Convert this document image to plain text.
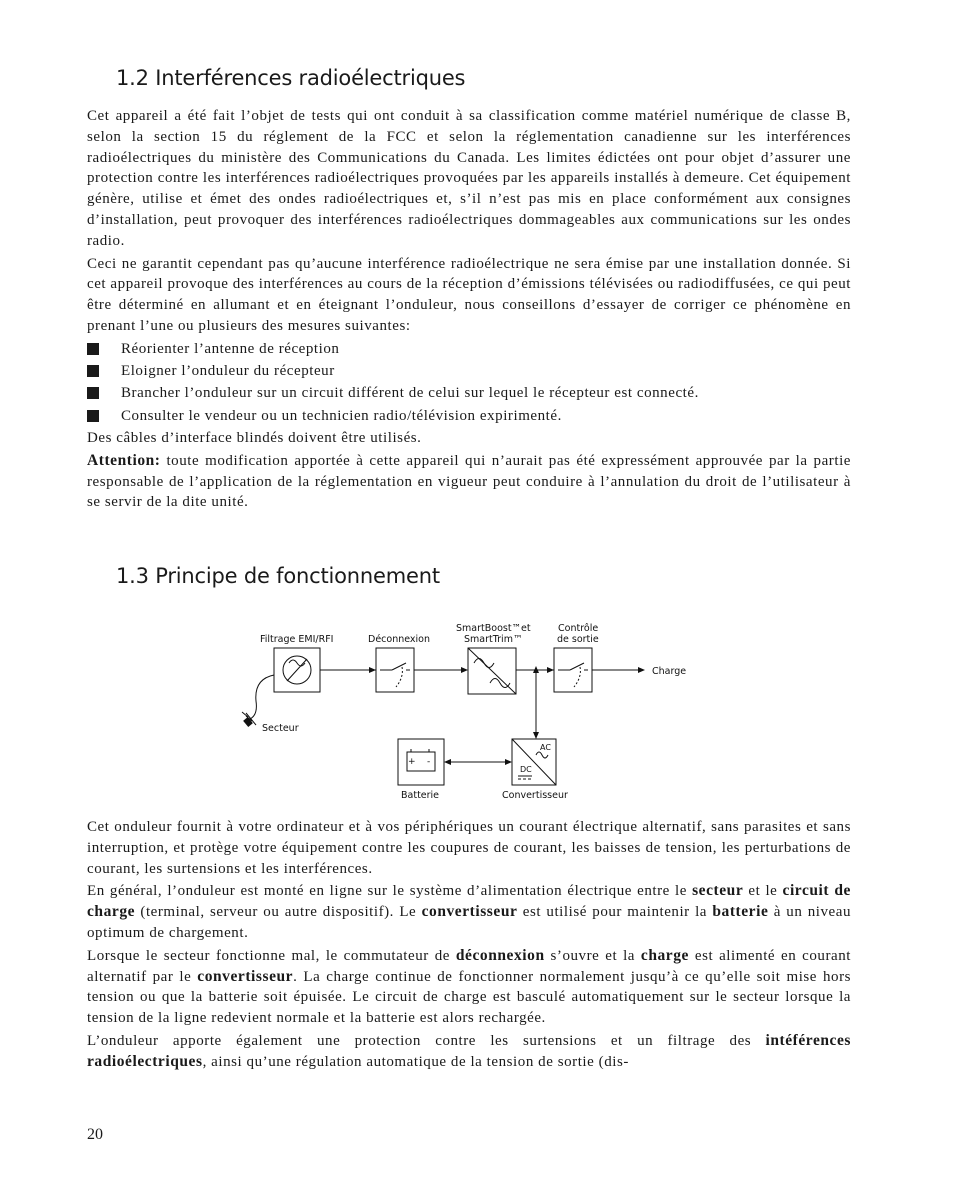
1.2 Interférences radioélectriques

Cet appareil a été fait l’objet de tests qui ont conduit à sa classification comme matériel numérique de classe B, selon la section 15 du réglement de la FCC et selon la réglementation canadienne sur les interférences radioélectriques du ministère des Communications du Canada. Les limites édictées ont pour objet d’assurer une protection contre les interférences radioélectriques provoquées par les appareils installés à demeure. Cet équipement génère, utilise et émet des ondes radioélectriques et, s’il n’est pas mis en place conformément aux consignes d’installation, peut provoquer des interférences radioélectriques dommageables aux communications sur les ondes radio.

Ceci ne garantit cependant pas qu’aucune interférence radioélectrique ne sera émise par une installation donnée. Si cet appareil provoque des interférences au cours de la réception d’émissions télévisées ou radiodiffusées, ce qui peut être déterminé en allumant et en éteignant l’onduleur, nous conseillons d’essayer de corriger ce phénomène en prenant l’une ou plusieurs des mesures suivantes:

Réorienter l’antenne de réception
Eloigner l’onduleur du récepteur
Brancher l’onduleur sur un circuit différent de celui sur lequel le récepteur est connecté.
Consulter le vendeur ou un technicien radio/télévision expirimenté.

Des câbles d’interface blindés doivent être utilisés.

Attention: toute modification apportée à cette appareil qui n’aurait pas été expressément approuvée par la partie responsable de l’application de la réglementation en vigueur peut conduire à l’annulation du droit de l’utilisateur à se servir de la dite unité.

1.3 Principe de fonctionnement
Filtrage EMI/RFI	Déconnexion
SmartBoost™et
SmartTrim™
Contrôle
de sortie
Charge
Secteur
Batterie	Convertisseur
AC
DC
+ -

Cet onduleur fournit à votre ordinateur et à vos périphériques un courant électrique alternatif, sans parasites et sans interruption, et protège votre équipement contre les coupures de courant, les baisses de tension, les perturbations de courant, les surtensions et les interférences.

En général, l’onduleur est monté en ligne sur le système d’alimentation électrique entre le secteur et le circuit de charge (terminal, serveur ou autre dispositif). Le convertisseur est utilisé pour maintenir la batterie à un niveau optimum de chargement.

Lorsque le secteur fonctionne mal, le commutateur de déconnexion s’ouvre et la charge est alimenté en courant alternatif par le convertisseur. La charge continue de fonctionner normalement jusqu’à ce qu’elle soit mise hors tension ou que la batterie soit épuisée. Le circuit de charge est basculé automatiquement sur le secteur lorsque la tension de la ligne redevient normale et la batterie est alors rechargée.

L’onduleur apporte également une protection contre les surtensions et un filtrage des intéférences radioélectriques, ainsi qu’une régulation automatique de la tension de sortie (dis-

20
